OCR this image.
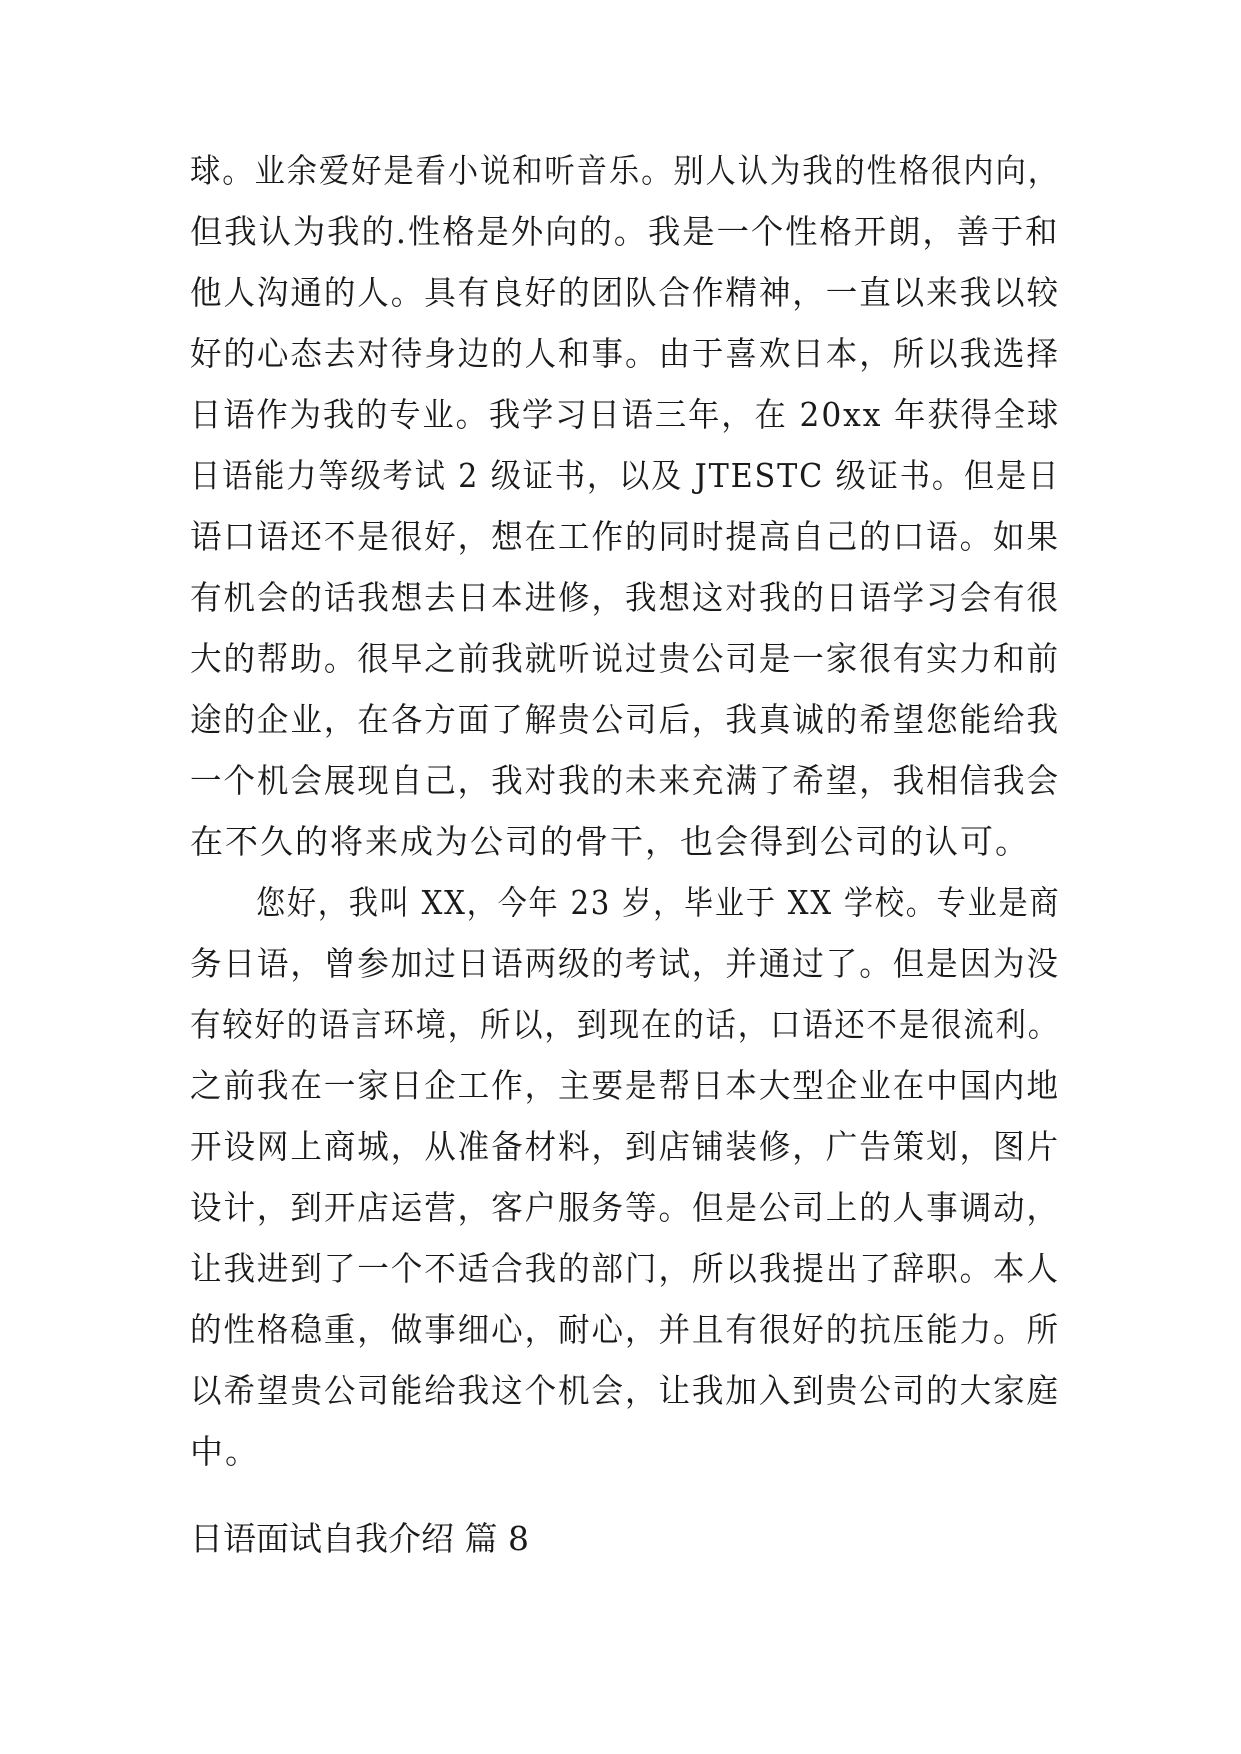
球。业余爱好是看小说和听音乐。别人认为我的性格很内向，
但我认为我的.性格是外向的。我是一个性格开朗，善于和
他人沟通的人。具有良好的团队合作精神，一直以来我以较
好的心态去对待身边的人和事。由于喜欢日本，所以我选择
日语作为我的专业。我学习日语三年，在 20xx 年获得全球
日语能力等级考试 2 级证书，以及 JTESTC 级证书。但是日
语口语还不是很好，想在工作的同时提高自己的口语。如果
有机会的话我想去日本进修，我想这对我的日语学习会有很
大的帮助。很早之前我就听说过贵公司是一家很有实力和前
途的企业，在各方面了解贵公司后，我真诚的希望您能给我
一个机会展现自己，我对我的未来充满了希望，我相信我会
在不久的将来成为公司的骨干，也会得到公司的认可。
您好，我叫 XX，今年 23 岁，毕业于 XX 学校。专业是商
务日语，曾参加过日语两级的考试，并通过了。但是因为没
有较好的语言环境，所以，到现在的话，口语还不是很流利。
之前我在一家日企工作，主要是帮日本大型企业在中国内地
开设网上商城，从准备材料，到店铺装修，广告策划，图片
设计，到开店运营，客户服务等。但是公司上的人事调动，
让我进到了一个不适合我的部门，所以我提出了辞职。本人
的性格稳重，做事细心，耐心，并且有很好的抗压能力。所
以希望贵公司能给我这个机会，让我加入到贵公司的大家庭
中。
日语面试自我介绍 篇 8
